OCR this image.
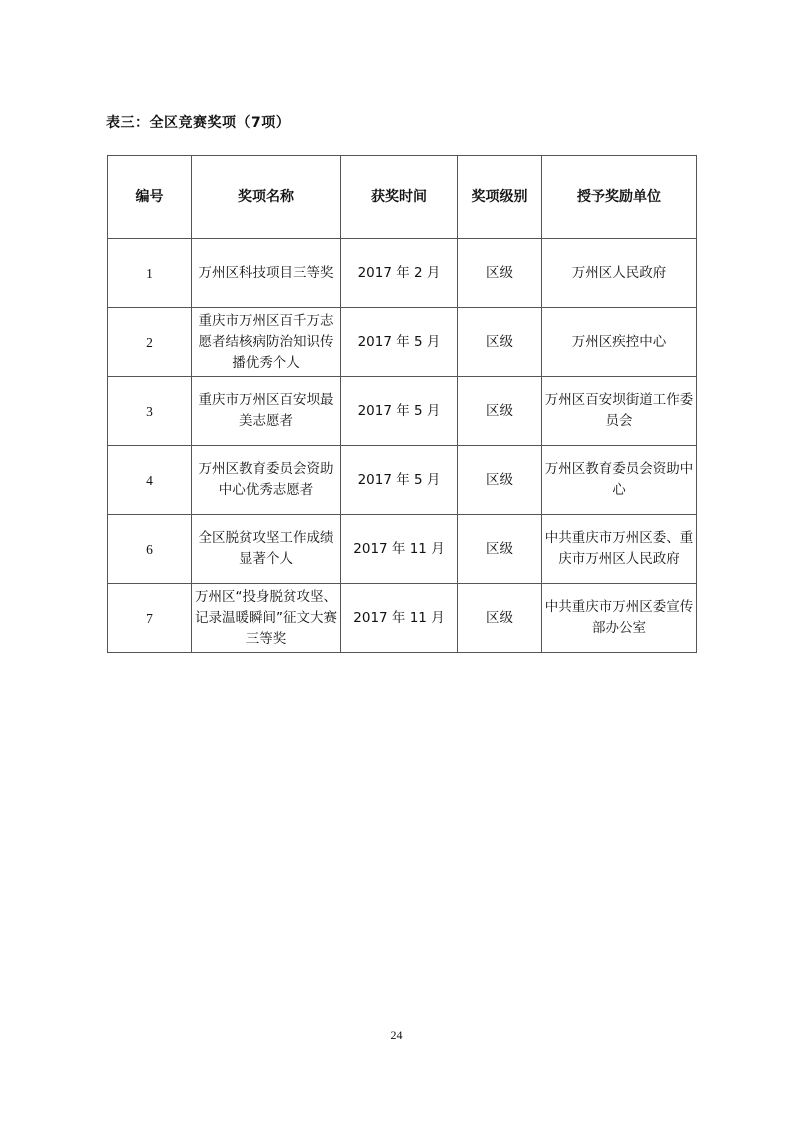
表三：全区竞赛奖项（7项）
编号	奖项名称	获奖时间	奖项级别	授予奖励单位
1	万州区科技项目三等奖	2017 年 2 月	区级	万州区人民政府
2	重庆市万州区百千万志愿者结核病防治知识传播优秀个人	2017 年 5 月	区级	万州区疾控中心
3	重庆市万州区百安坝最美志愿者	2017 年 5 月	区级	万州区百安坝街道工作委员会
4	万州区教育委员会资助中心优秀志愿者	2017 年 5 月	区级	万州区教育委员会资助中心
6	全区脱贫攻坚工作成绩显著个人	2017 年 11 月	区级	中共重庆市万州区委、重庆市万州区人民政府
7	万州区“投身脱贫攻坚、记录温暖瞬间”征文大赛三等奖	2017 年 11 月	区级	中共重庆市万州区委宣传部办公室
24
